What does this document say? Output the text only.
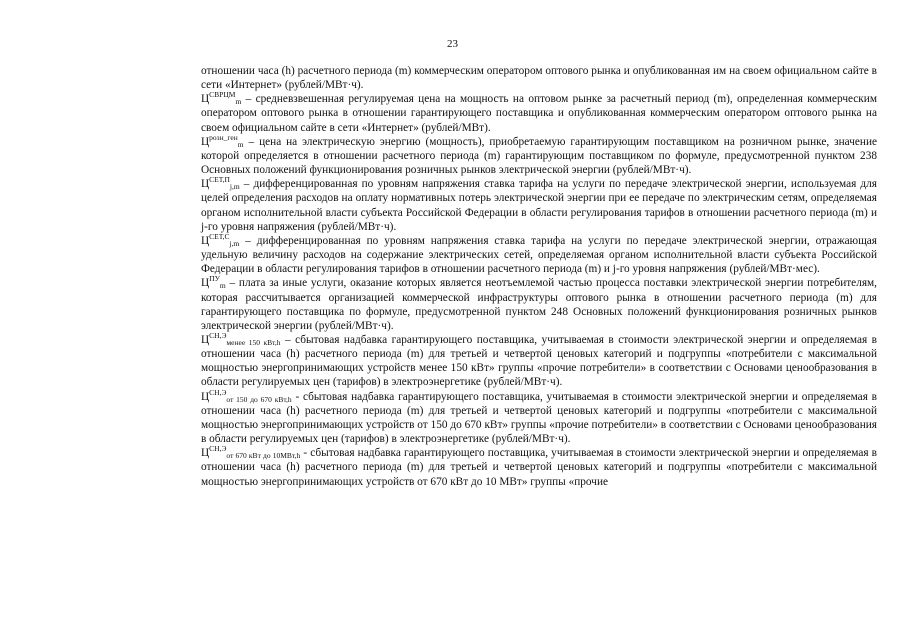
23

отношении часа (h) расчетного периода (m) коммерческим оператором оптового рынка и опубликованная им на своем официальном сайте в сети «Интернет» (рублей/МВт·ч).

$Ц^{СВРЦМ}_m$ – средневзвешенная регулируемая цена на мощность на оптовом рынке за расчетный период (m), определенная коммерческим оператором оптового рынка в отношении гарантирующего поставщика и опубликованная коммерческим оператором оптового рынка на своем официальном сайте в сети «Интернет» (рублей/МВт).

$Ц^{розн\_ген}_m$ – цена на электрическую энергию (мощность), приобретаемую гарантирующим поставщиком на розничном рынке, значение которой определяется в отношении расчетного периода (m) гарантирующим поставщиком по формуле, предусмотренной пунктом 238 Основных положений функционирования розничных рынков электрической энергии (рублей/МВт·ч).

$Ц^{СЕТ,П}_{j,m}$ – дифференцированная по уровням напряжения ставка тарифа на услуги по передаче электрической энергии, используемая для целей определения расходов на оплату нормативных потерь электрической энергии при ее передаче по электрическим сетям, определяемая органом исполнительной власти субъекта Российской Федерации в области регулирования тарифов в отношении расчетного периода (m) и j-го уровня напряжения (рублей/МВт·ч).

$Ц^{СЕТ,С}_{j,m}$ – дифференцированная по уровням напряжения ставка тарифа на услуги по передаче электрической энергии, отражающая удельную величину расходов на содержание электрических сетей, определяемая органом исполнительной власти субъекта Российской Федерации в области регулирования тарифов в отношении расчетного периода (m) и j-го уровня напряжения (рублей/МВт·мес).

$Ц^{ПУ}_m$ – плата за иные услуги, оказание которых является неотъемлемой частью процесса поставки электрической энергии потребителям, которая рассчитывается организацией коммерческой инфраструктуры оптового рынка в отношении расчетного периода (m) для гарантирующего поставщика по формуле, предусмотренной пунктом 248 Основных положений функционирования розничных рынков электрической энергии (рублей/МВт·ч).

$Ц^{СН,Э}_{менее 150 кВт,h}$ – сбытовая надбавка гарантирующего поставщика, учитываемая в стоимости электрической энергии и определяемая в отношении часа (h) расчетного периода (m) для третьей и четвертой ценовых категорий и подгруппы «потребители с максимальной мощностью энергопринимающих устройств менее 150 кВт» группы «прочие потребители» в соответствии с Основами ценообразования в области регулируемых цен (тарифов) в электроэнергетике (рублей/МВт·ч).

$Ц^{СН,Э}_{от 150 до 670 кВт,h}$ - сбытовая надбавка гарантирующего поставщика, учитываемая в стоимости электрической энергии и определяемая в отношении часа (h) расчетного периода (m) для третьей и четвертой ценовых категорий и подгруппы «потребители с максимальной мощностью энергопринимающих устройств от 150 до 670 кВт» группы «прочие потребители» в соответствии с Основами ценообразования в области регулируемых цен (тарифов) в электроэнергетике (рублей/МВт·ч).

$Ц^{СН,Э}_{от 670 кВт до 10МВт,h}$ - сбытовая надбавка гарантирующего поставщика, учитываемая в стоимости электрической энергии и определяемая в отношении часа (h) расчетного периода (m) для третьей и четвертой ценовых категорий и подгруппы «потребители с максимальной мощностью энергопринимающих устройств от 670 кВт до 10 МВт» группы «прочие
